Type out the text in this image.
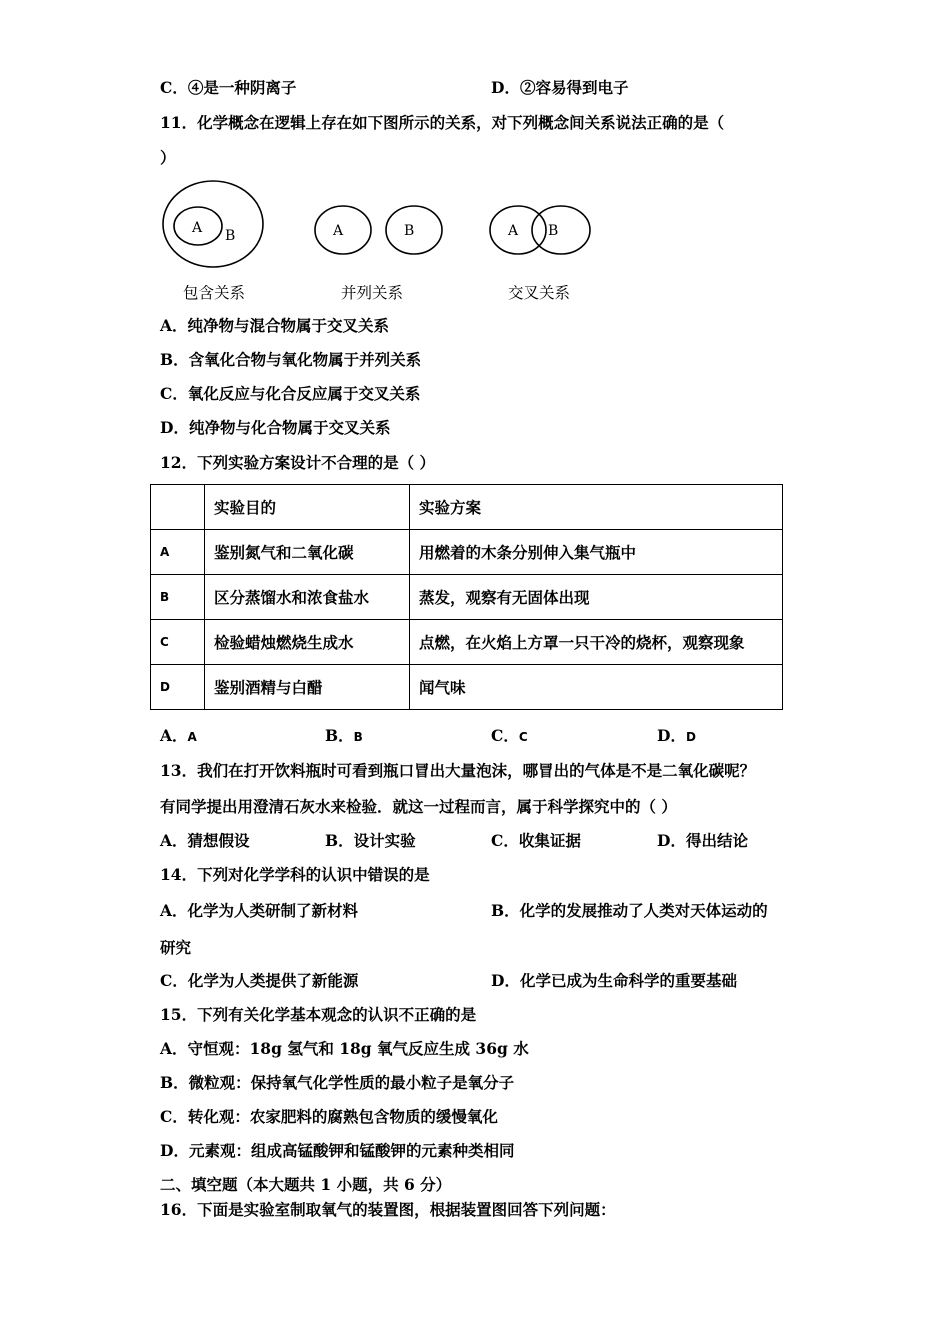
C．④是一种阴离子	D．②容易得到电子
11．化学概念在逻辑上存在如下图所示的关系，对下列概念间关系说法正确的是（
）
A B	A	B	A B
包含关系	并列关系	交叉关系
A．纯净物与混合物属于交叉关系
B．含氧化合物与氧化物属于并列关系
C．氧化反应与化合反应属于交叉关系
D．纯净物与化合物属于交叉关系
12．下列实验方案设计不合理的是（ ）
	实验目的	实验方案
A	鉴别氮气和二氧化碳	用燃着的木条分别伸入集气瓶中
B	区分蒸馏水和浓食盐水	蒸发，观察有无固体出现
C	检验蜡烛燃烧生成水	点燃，在火焰上方罩一只干冷的烧杯，观察现象
D	鉴别酒精与白醋	闻气味
A．A	B．B	C．C	D．D
13．我们在打开饮料瓶时可看到瓶口冒出大量泡沫，哪冒出的气体是不是二氧化碳呢？
有同学提出用澄清石灰水来检验．就这一过程而言，属于科学探究中的（ ）
A．猜想假设	B．设计实验	C．收集证据	D．得出结论
14．下列对化学学科的认识中错误的是
A．化学为人类研制了新材料	B．化学的发展推动了人类对天体运动的
研究
C．化学为人类提供了新能源	D．化学已成为生命科学的重要基础
15．下列有关化学基本观念的认识不正确的是
A．守恒观：18g 氢气和 18g 氧气反应生成 36g 水
B．微粒观：保持氧气化学性质的最小粒子是氧分子
C．转化观：农家肥料的腐熟包含物质的缓慢氧化
D．元素观：组成高锰酸钾和锰酸钾的元素种类相同
二、填空题（本大题共 1 小题，共 6 分）
16．下面是实验室制取氧气的装置图，根据装置图回答下列问题：
